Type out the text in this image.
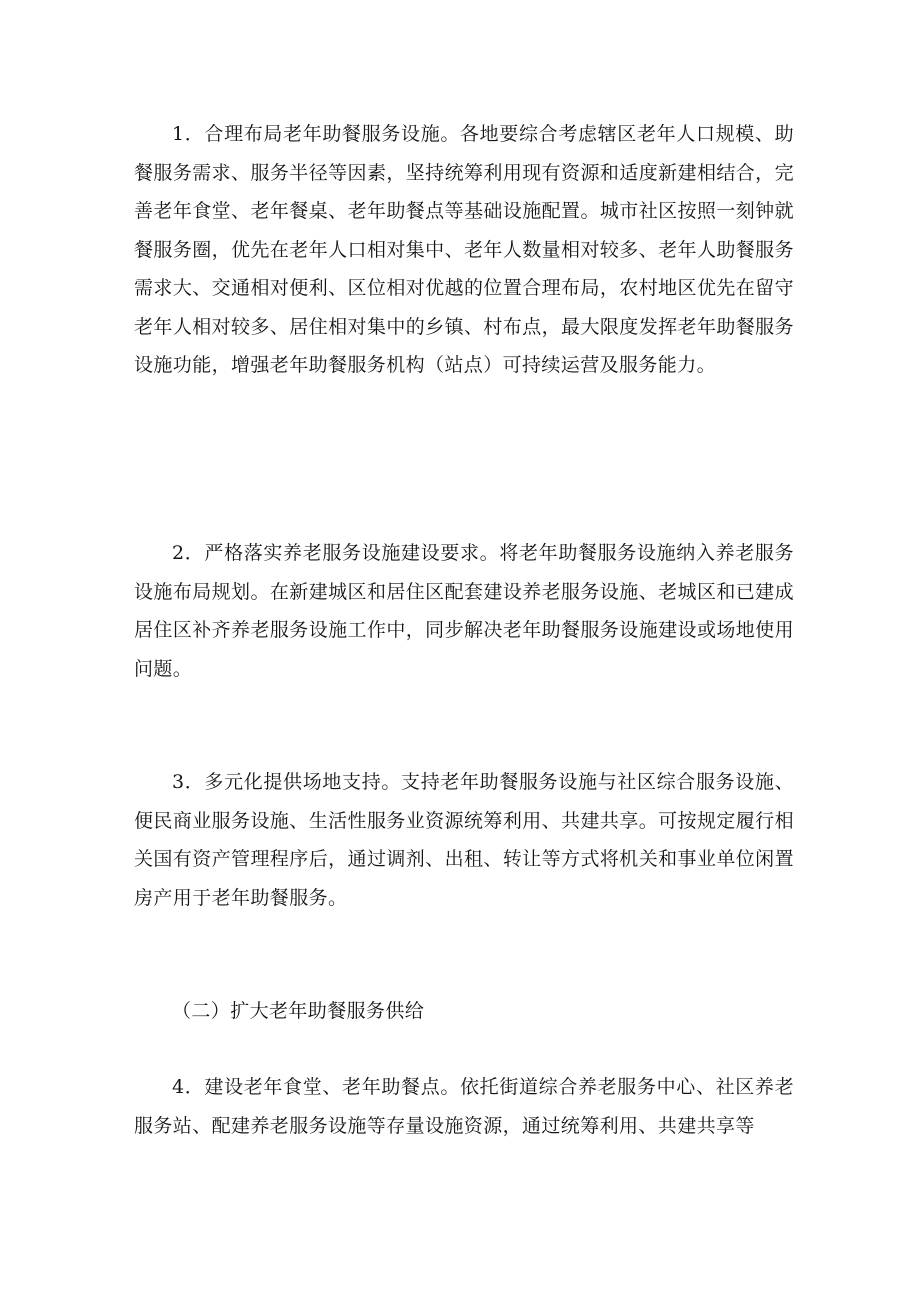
1．合理布局老年助餐服务设施。各地要综合考虑辖区老年人口规模、助餐服务需求、服务半径等因素，坚持统筹利用现有资源和适度新建相结合，完善老年食堂、老年餐桌、老年助餐点等基础设施配置。城市社区按照一刻钟就餐服务圈，优先在老年人口相对集中、老年人数量相对较多、老年人助餐服务需求大、交通相对便利、区位相对优越的位置合理布局，农村地区优先在留守老年人相对较多、居住相对集中的乡镇、村布点，最大限度发挥老年助餐服务设施功能，增强老年助餐服务机构（站点）可持续运营及服务能力。

2．严格落实养老服务设施建设要求。将老年助餐服务设施纳入养老服务设施布局规划。在新建城区和居住区配套建设养老服务设施、老城区和已建成居住区补齐养老服务设施工作中，同步解决老年助餐服务设施建设或场地使用问题。

3．多元化提供场地支持。支持老年助餐服务设施与社区综合服务设施、便民商业服务设施、生活性服务业资源统筹利用、共建共享。可按规定履行相关国有资产管理程序后，通过调剂、出租、转让等方式将机关和事业单位闲置房产用于老年助餐服务。

（二）扩大老年助餐服务供给

4．建设老年食堂、老年助餐点。依托街道综合养老服务中心、社区养老服务站、配建养老服务设施等存量设施资源，通过统筹利用、共建共享等
